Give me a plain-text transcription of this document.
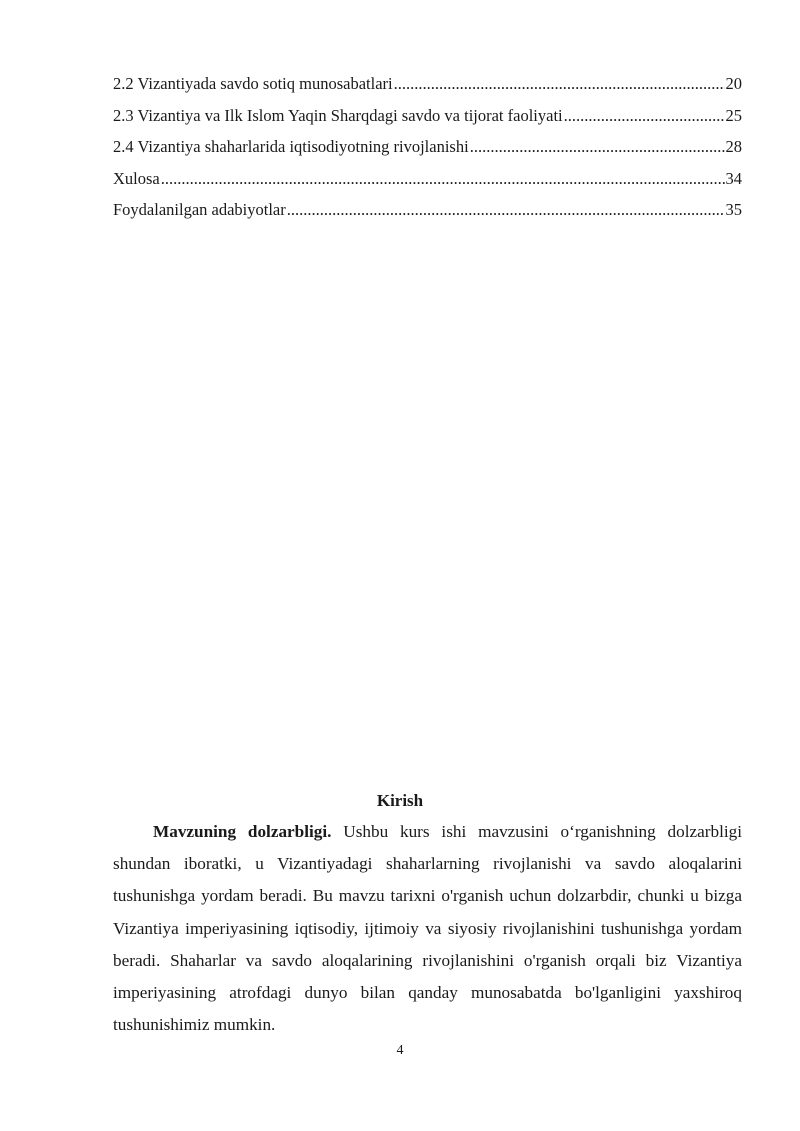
2.2 Vizantiyada savdo sotiq munosabatlari .....	20
2.3 Vizantiya va Ilk Islom Yaqin Sharqdagi savdo va tijorat faoliyati .....	25
2.4 Vizantiya shaharlarida iqtisodiyotning rivojlanishi .....	28
Xulosa .....	34
Foydalanilgan adabiyotlar .....	35
Kirish

Mavzuning dolzarbligi. Ushbu kurs ishi mavzusini o‘rganishning dolzarbligi shundan iboratki, u Vizantiyadagi shaharlarning rivojlanishi va savdo aloqalarini tushunishga yordam beradi. Bu mavzu tarixni o'rganish uchun dolzarbdir, chunki u bizga Vizantiya imperiyasining iqtisodiy, ijtimoiy va siyosiy rivojlanishini tushunishga yordam beradi. Shaharlar va savdo aloqalarining rivojlanishini o'rganish orqali biz Vizantiya imperiyasining atrofdagi dunyo bilan qanday munosabatda bo'lganligini yaxshiroq tushunishimiz mumkin.

4
